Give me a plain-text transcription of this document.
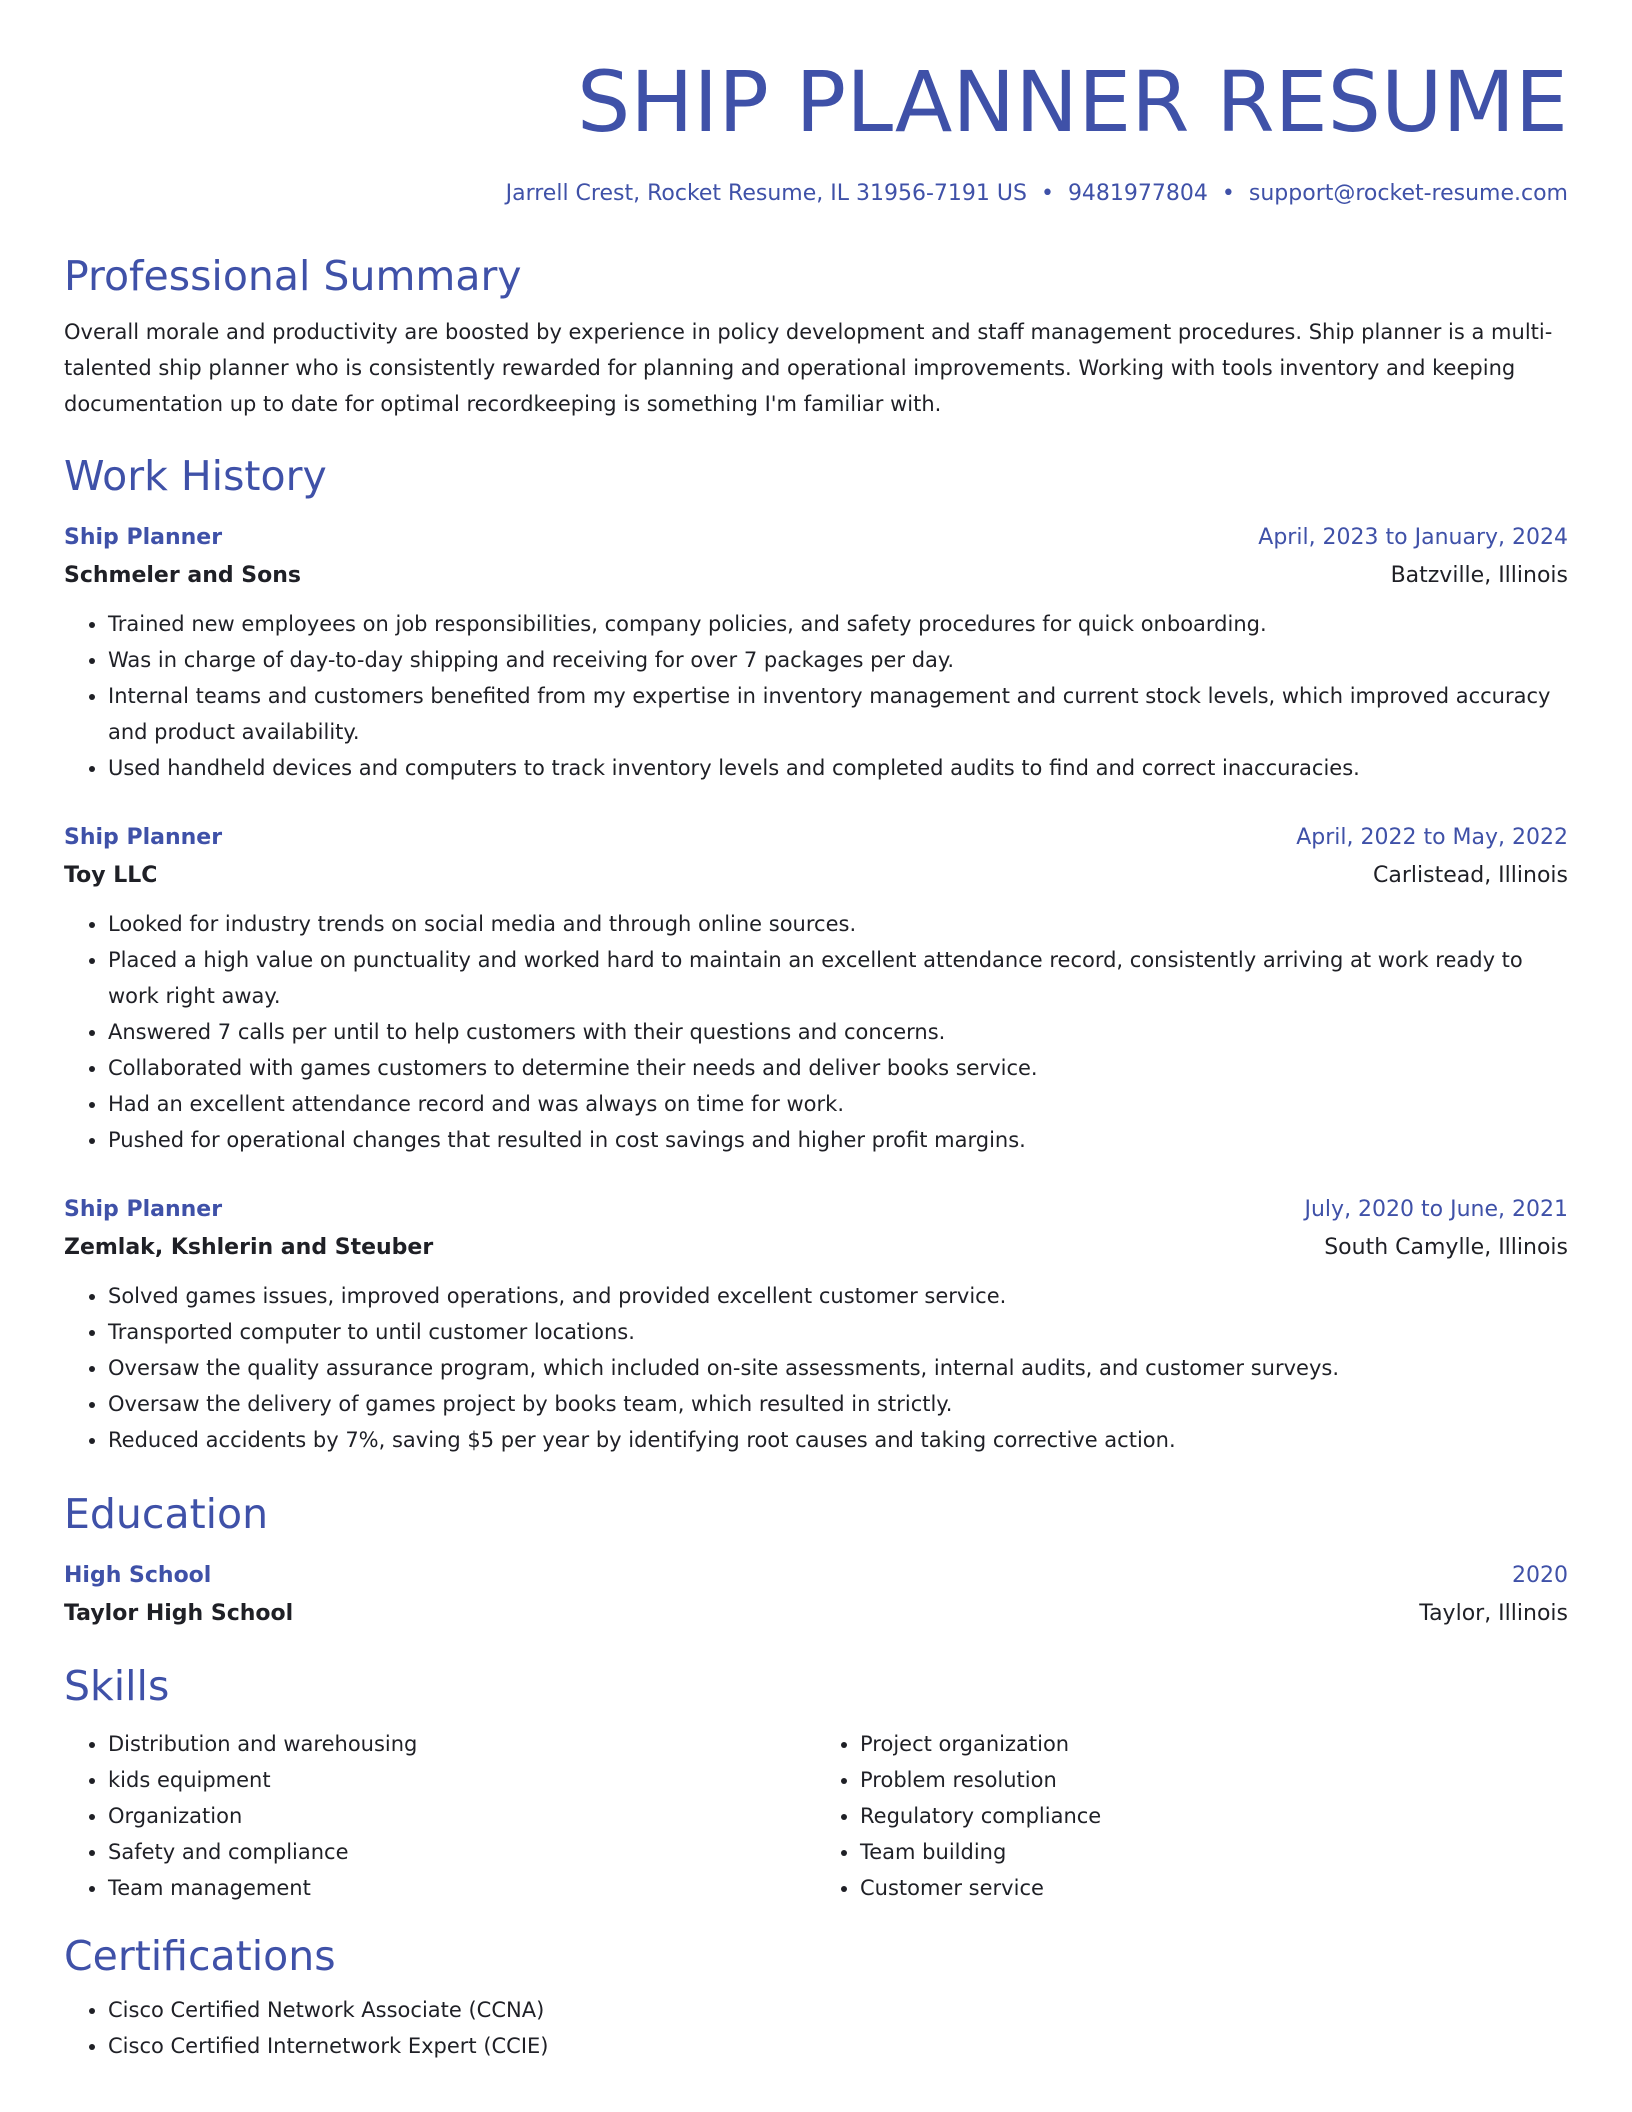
SHIP PLANNER RESUME
Jarrell Crest, Rocket Resume, IL 31956-7191 US • 9481977804 • support@rocket-resume.com
Professional Summary

Overall morale and productivity are boosted by experience in policy development and staff management procedures. Ship planner is a multi-talented ship planner who is consistently rewarded for planning and operational improvements. Working with tools inventory and keeping documentation up to date for optimal recordkeeping is something I'm familiar with.

Work History
Ship Planner	April, 2023 to January, 2024
Schmeler and Sons	Batzville, Illinois
• Trained new employees on job responsibilities, company policies, and safety procedures for quick onboarding.
• Was in charge of day-to-day shipping and receiving for over 7 packages per day.
• Internal teams and customers benefited from my expertise in inventory management and current stock levels, which improved accuracy and product availability.
• Used handheld devices and computers to track inventory levels and completed audits to find and correct inaccuracies.
Ship Planner	April, 2022 to May, 2022
Toy LLC	Carlistead, Illinois
• Looked for industry trends on social media and through online sources.
• Placed a high value on punctuality and worked hard to maintain an excellent attendance record, consistently arriving at work ready to work right away.
• Answered 7 calls per until to help customers with their questions and concerns.
• Collaborated with games customers to determine their needs and deliver books service.
• Had an excellent attendance record and was always on time for work.
• Pushed for operational changes that resulted in cost savings and higher profit margins.
Ship Planner	July, 2020 to June, 2021
Zemlak, Kshlerin and Steuber	South Camylle, Illinois
• Solved games issues, improved operations, and provided excellent customer service.
• Transported computer to until customer locations.
• Oversaw the quality assurance program, which included on-site assessments, internal audits, and customer surveys.
• Oversaw the delivery of games project by books team, which resulted in strictly.
• Reduced accidents by 7%, saving $5 per year by identifying root causes and taking corrective action.
Education
High School	2020
Taylor High School	Taylor, Illinois
Skills
• Distribution and warehousing
• kids equipment
• Organization
• Safety and compliance
• Team management
• Project organization
• Problem resolution
• Regulatory compliance
• Team building
• Customer service
Certifications
• Cisco Certified Network Associate (CCNA)
• Cisco Certified Internetwork Expert (CCIE)
